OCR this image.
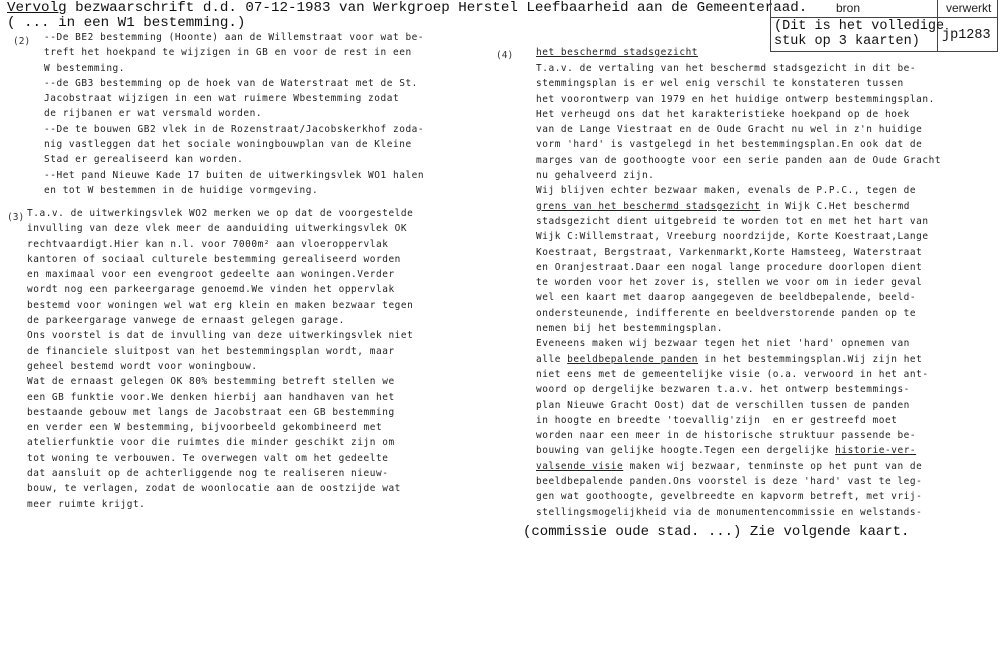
Vervolg bezwaarschrift d.d. 07-12-1983 van Werkgroep Herstel Leefbaarheid aan de Gemeenteraad.
( ... in een W1 bestemming.)
bron	verwerkt
(Dit is het volledige
stuk op 3 kaarten)	jp1283
(2) --De BE2 bestemming (Hoonte) aan de Willemstraat voor wat be-
treft het hoekpand te wijzigen in GB en voor de rest in een
W bestemming.
--de GB3 bestemming op de hoek van de Waterstraat met de St.
Jacobstraat wijzigen in een wat ruimere Wbestemming zodat
de rijbanen er wat versmald worden.
--De te bouwen GB2 vlek in de Rozenstraat/Jacobskerkhof zoda-
nig vastleggen dat het sociale woningbouwplan van de Kleine
Stad er gerealiseerd kan worden.
--Het pand Nieuwe Kade 17 buiten de uitwerkingsvlek WO1 halen
en tot W bestemmen in de huidige vormgeving.
(3) T.a.v. de uitwerkingsvlek WO2 merken we op dat de voorgestelde
invulling van deze vlek meer de aanduiding uitwerkingsvlek OK
rechtvaardigt.Hier kan n.l. voor 7000m² aan vloeroppervlak
kantoren of sociaal culturele bestemming gerealiseerd worden
en maximaal voor een evengroot gedeelte aan woningen.Verder
wordt nog een parkeergarage genoemd.We vinden het oppervlak
bestemd voor woningen wel wat erg klein en maken bezwaar tegen
de parkeergarage vanwege de ernaast gelegen garage.
Ons voorstel is dat de invulling van deze uitwerkingsvlek niet
de financiele sluitpost van het bestemmingsplan wordt, maar
geheel bestemd wordt voor woningbouw.
Wat de ernaast gelegen OK 80% bestemming betreft stellen we
een GB funktie voor.We denken hierbij aan handhaven van het
bestaande gebouw met langs de Jacobstraat een GB bestemming
en verder een W bestemming, bijvoorbeeld gekombineerd met
atelierfunktie voor die ruimtes die minder geschikt zijn om
tot woning te verbouwen. Te overwegen valt om het gedeelte
dat aansluit op de achterliggende nog te realiseren nieuw-
bouw, te verlagen, zodat de woonlocatie aan de oostzijde wat
meer ruimte krijgt.
(4) het beschermd stadsgezicht
T.a.v. de vertaling van het beschermd stadsgezicht in dit be-
stemmingsplan is er wel enig verschil te konstateren tussen
het voorontwerp van 1979 en het huidige ontwerp bestemmingsplan.
Het verheugd ons dat het karakteristieke hoekpand op de hoek
van de Lange Viestraat en de Oude Gracht nu wel in z'n huidige
vorm 'hard' is vastgelegd in het bestemmingsplan.En ook dat de
marges van de goothoogte voor een serie panden aan de Oude Gracht
nu gehalveerd zijn.
Wij blijven echter bezwaar maken, evenals de P.P.C., tegen de
grens van het beschermd stadsgezicht in Wijk C.Het beschermd
stadsgezicht dient uitgebreid te worden tot en met het hart van
Wijk C:Willemstraat, Vreeburg noordzijde, Korte Koestraat,Lange
Koestraat, Bergstraat, Varkenmarkt,Korte Hamsteeg, Waterstraat
en Oranjestraat.Daar een nogal lange procedure doorlopen dient
te worden voor het zover is, stellen we voor om in ieder geval
wel een kaart met daarop aangegeven de beeldbepalende, beeld-
ondersteunende, indifferente en beeldverstorende panden op te
nemen bij het bestemmingsplan.
Eveneens maken wij bezwaar tegen het niet 'hard' opnemen van
alle beeldbepalende panden in het bestemmingsplan.Wij zijn het
niet eens met de gemeentelijke visie (o.a. verwoord in het ant-
woord op dergelijke bezwaren t.a.v. het ontwerp bestemmings-
plan Nieuwe Gracht Oost) dat de verschillen tussen de panden
in hoogte en breedte 'toevallig'zijn  en er gestreefd moet
worden naar een meer in de historische struktuur passende be-
bouwing van gelijke hoogte.Tegen een dergelijke historie-ver-
valsende visie maken wij bezwaar, tenminste op het punt van de
beeldbepalende panden.Ons voorstel is deze 'hard' vast te leg-
gen wat goothoogte, gevelbreedte en kapvorm betreft, met vrij-
stellingsmogelijkheid via de monumentencommissie en welstands-
(commissie oude stad. ...) Zie volgende kaart.
